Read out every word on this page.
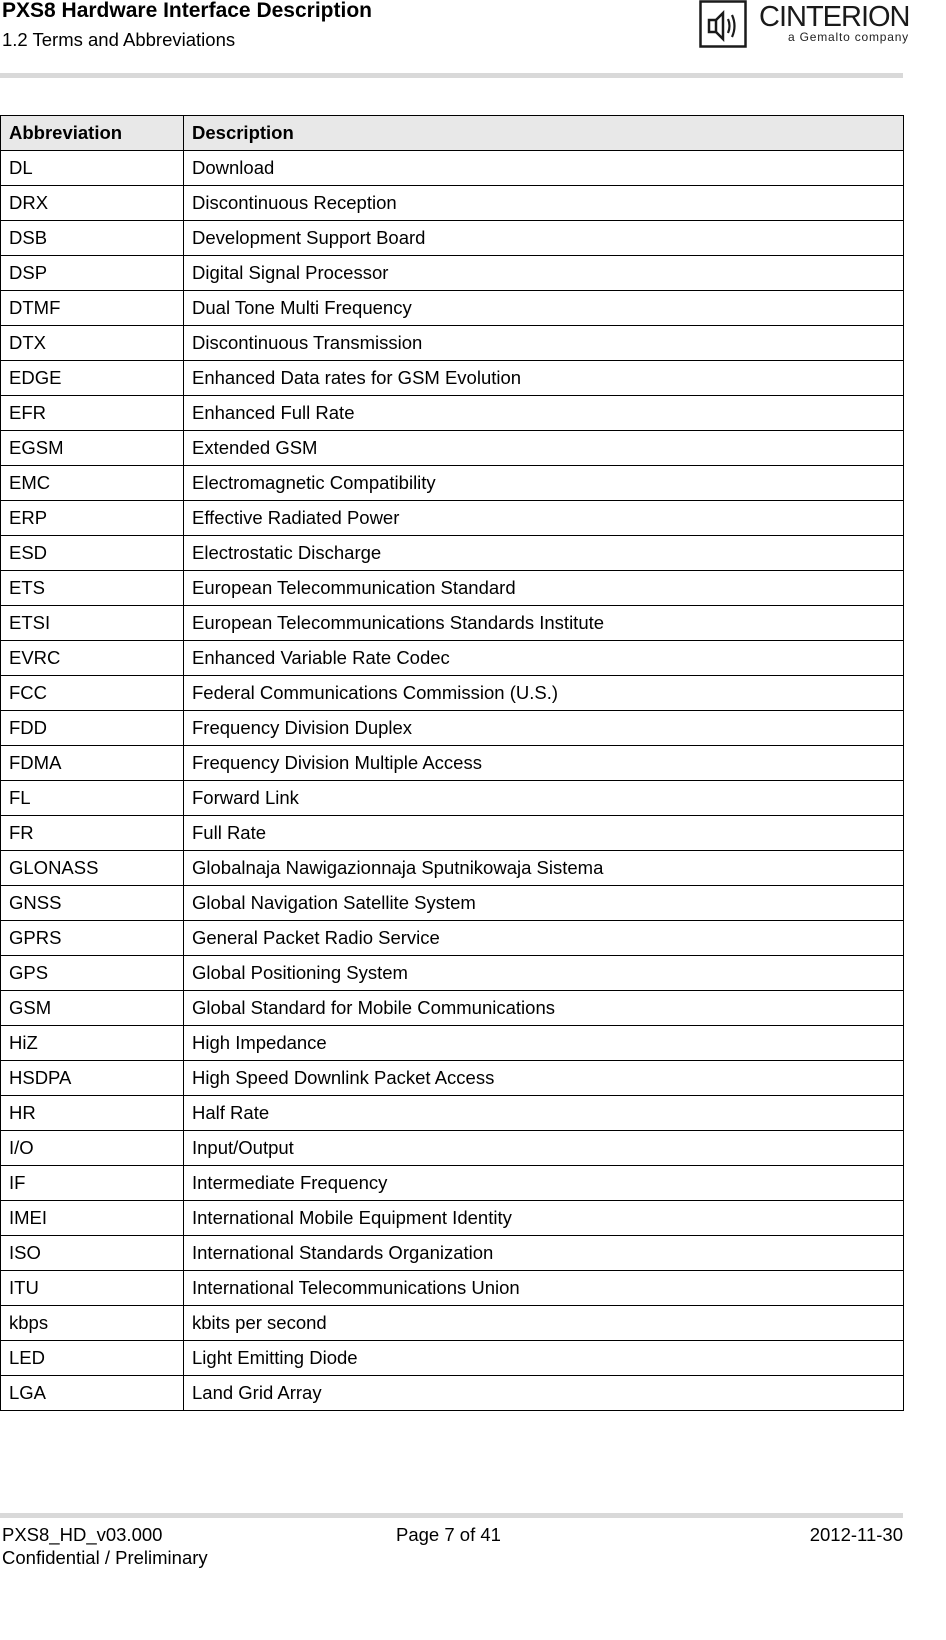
PXS8 Hardware Interface Description
1.2 Terms and Abbreviations
CINTERION
a Gemalto company
Abbreviation	Description
DL	Download
DRX	Discontinuous Reception
DSB	Development Support Board
DSP	Digital Signal Processor
DTMF	Dual Tone Multi Frequency
DTX	Discontinuous Transmission
EDGE	Enhanced Data rates for GSM Evolution
EFR	Enhanced Full Rate
EGSM	Extended GSM
EMC	Electromagnetic Compatibility
ERP	Effective Radiated Power
ESD	Electrostatic Discharge
ETS	European Telecommunication Standard
ETSI	European Telecommunications Standards Institute
EVRC	Enhanced Variable Rate Codec
FCC	Federal Communications Commission (U.S.)
FDD	Frequency Division Duplex
FDMA	Frequency Division Multiple Access
FL	Forward Link
FR	Full Rate
GLONASS	Globalnaja Nawigazionnaja Sputnikowaja Sistema
GNSS	Global Navigation Satellite System
GPRS	General Packet Radio Service
GPS	Global Positioning System
GSM	Global Standard for Mobile Communications
HiZ	High Impedance
HSDPA	High Speed Downlink Packet Access
HR	Half Rate
I/O	Input/Output
IF	Intermediate Frequency
IMEI	International Mobile Equipment Identity
ISO	International Standards Organization
ITU	International Telecommunications Union
kbps	kbits per second
LED	Light Emitting Diode
LGA	Land Grid Array
PXS8_HD_v03.000	Page 7 of 41	2012-11-30
Confidential / Preliminary
